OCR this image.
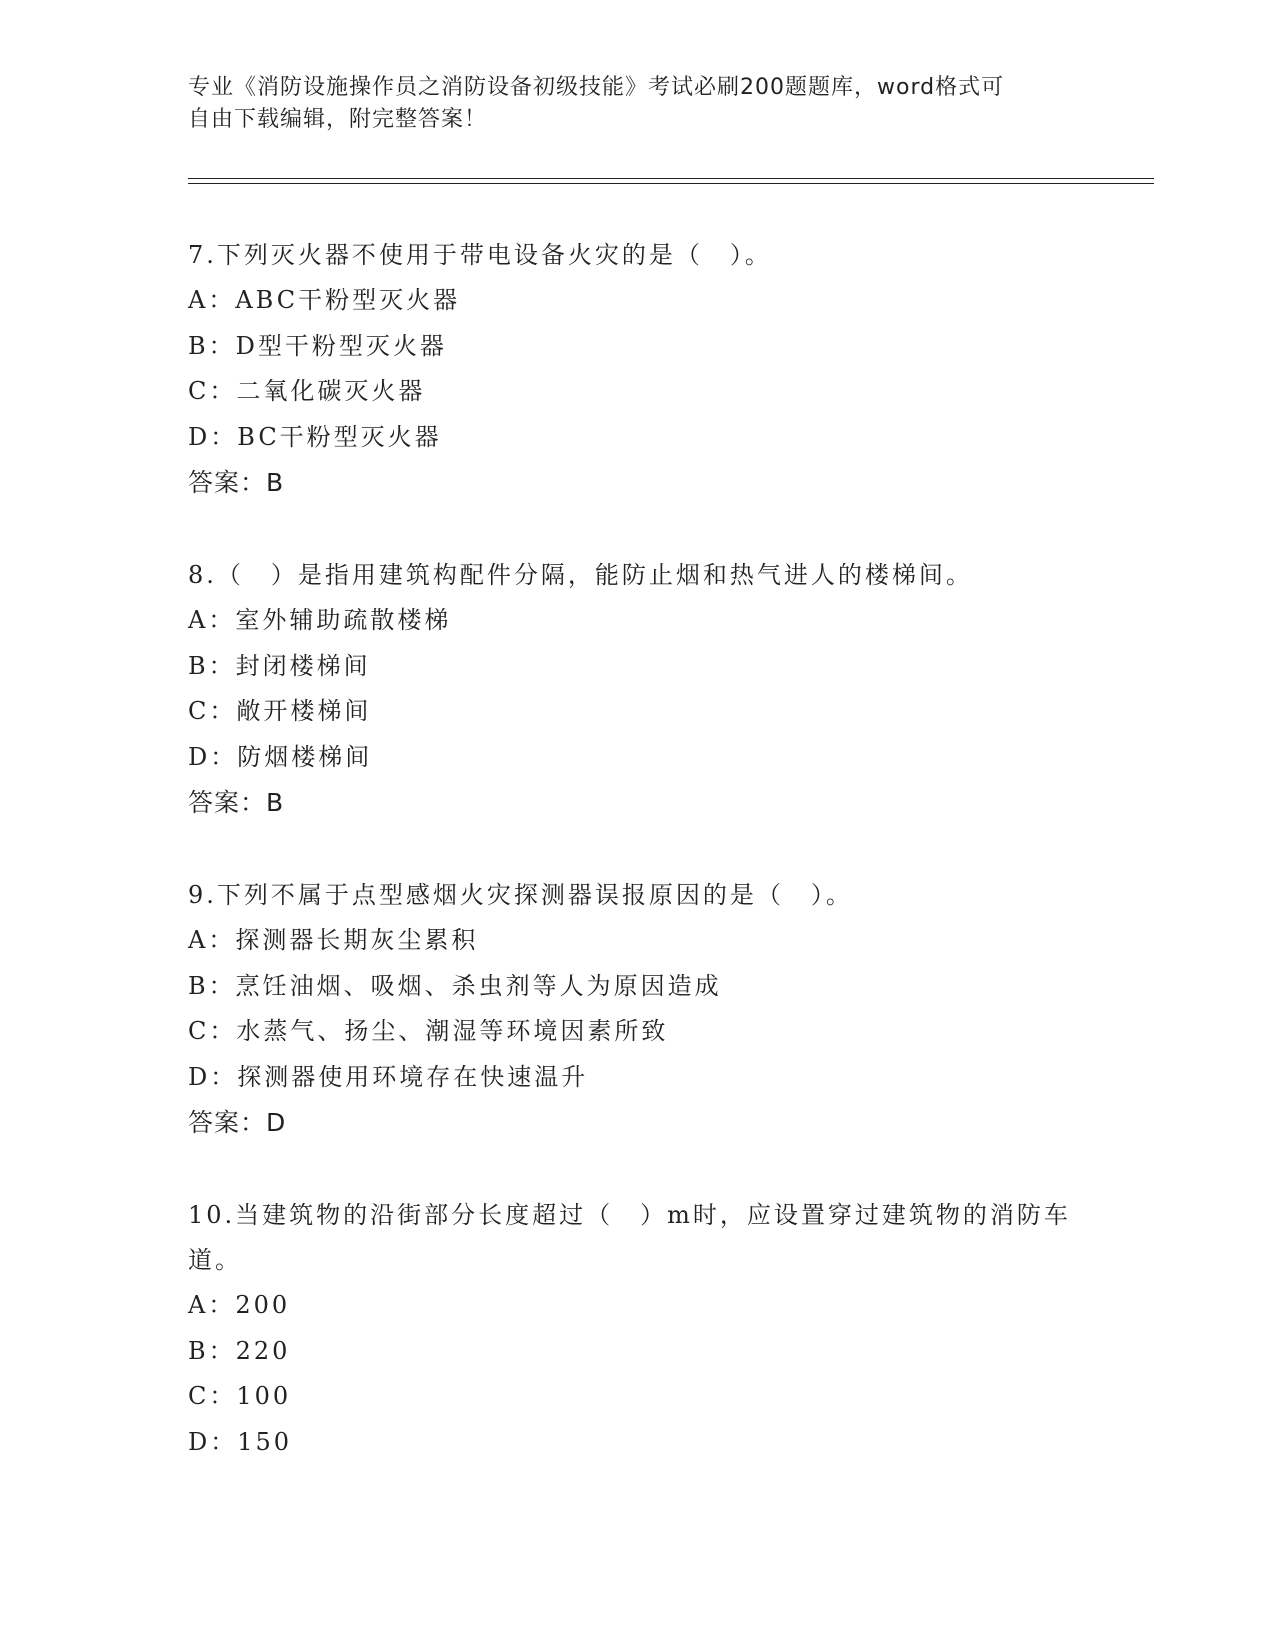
专业《消防设施操作员之消防设备初级技能》考试必刷200题题库，word格式可
自由下载编辑，附完整答案！
7.下列灭火器不使用于带电设备火灾的是（　）。
A：ABC干粉型灭火器
B：D型干粉型灭火器
C：二氧化碳灭火器
D：BC干粉型灭火器
答案：B
8.（　）是指用建筑构配件分隔，能防止烟和热气进人的楼梯间。
A：室外辅助疏散楼梯
B：封闭楼梯间
C：敞开楼梯间
D：防烟楼梯间
答案：B
9.下列不属于点型感烟火灾探测器误报原因的是（　）。
A：探测器长期灰尘累积
B：烹饪油烟、吸烟、杀虫剂等人为原因造成
C：水蒸气、扬尘、潮湿等环境因素所致
D：探测器使用环境存在快速温升
答案：D
10.当建筑物的沿街部分长度超过（　）m时，应设置穿过建筑物的消防车道。
A：200
B：220
C：100
D：150
